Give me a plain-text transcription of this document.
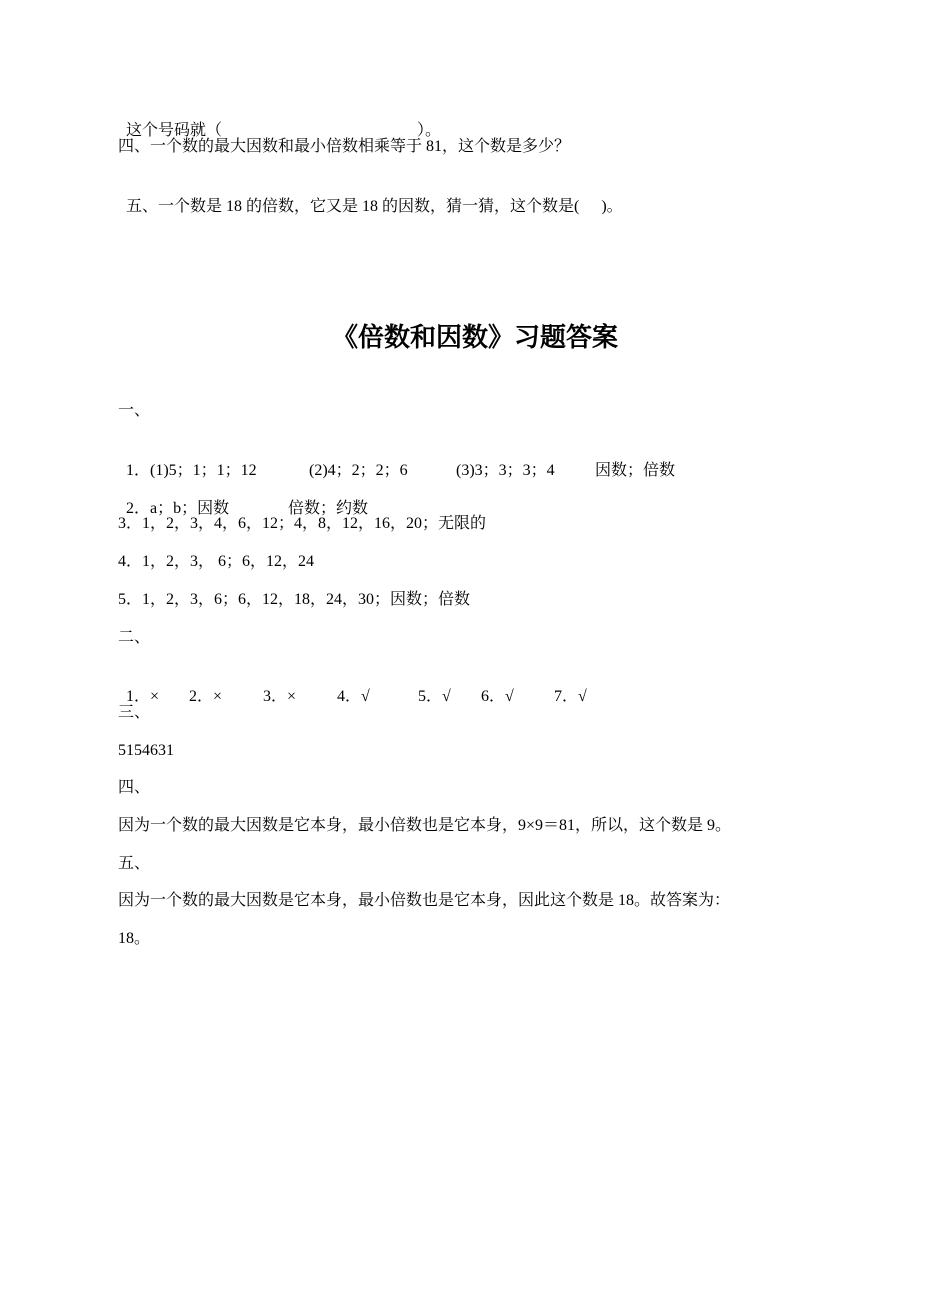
这个号码就（	）。

四、一个数的最大因数和最小倍数相乘等于 81，这个数是多少？

五、一个数是 18 的倍数，它又是 18 的因数，猜一猜，这个数是( )。

《倍数和因数》习题答案
一、

1．(1)5；1；1；12	(2)4；2；2；6	(3)3；3；3；4	因数；倍数

2．a；b；因数	倍数；约数

3．1，2，3，4，6，12；4，8，12，16，20；无限的
4．1，2，3， 6；6，12，24
5．1，2，3，6；6，12，18，24，30；因数；倍数
二、

1．× 2．×	3．×	4．√	5．√ 6．√	7．√

三、
5154631
四、
因为一个数的最大因数是它本身，最小倍数也是它本身，9×9＝81，所以，这个数是 9。
五、
因为一个数的最大因数是它本身，最小倍数也是它本身，因此这个数是 18。故答案为：
18。
